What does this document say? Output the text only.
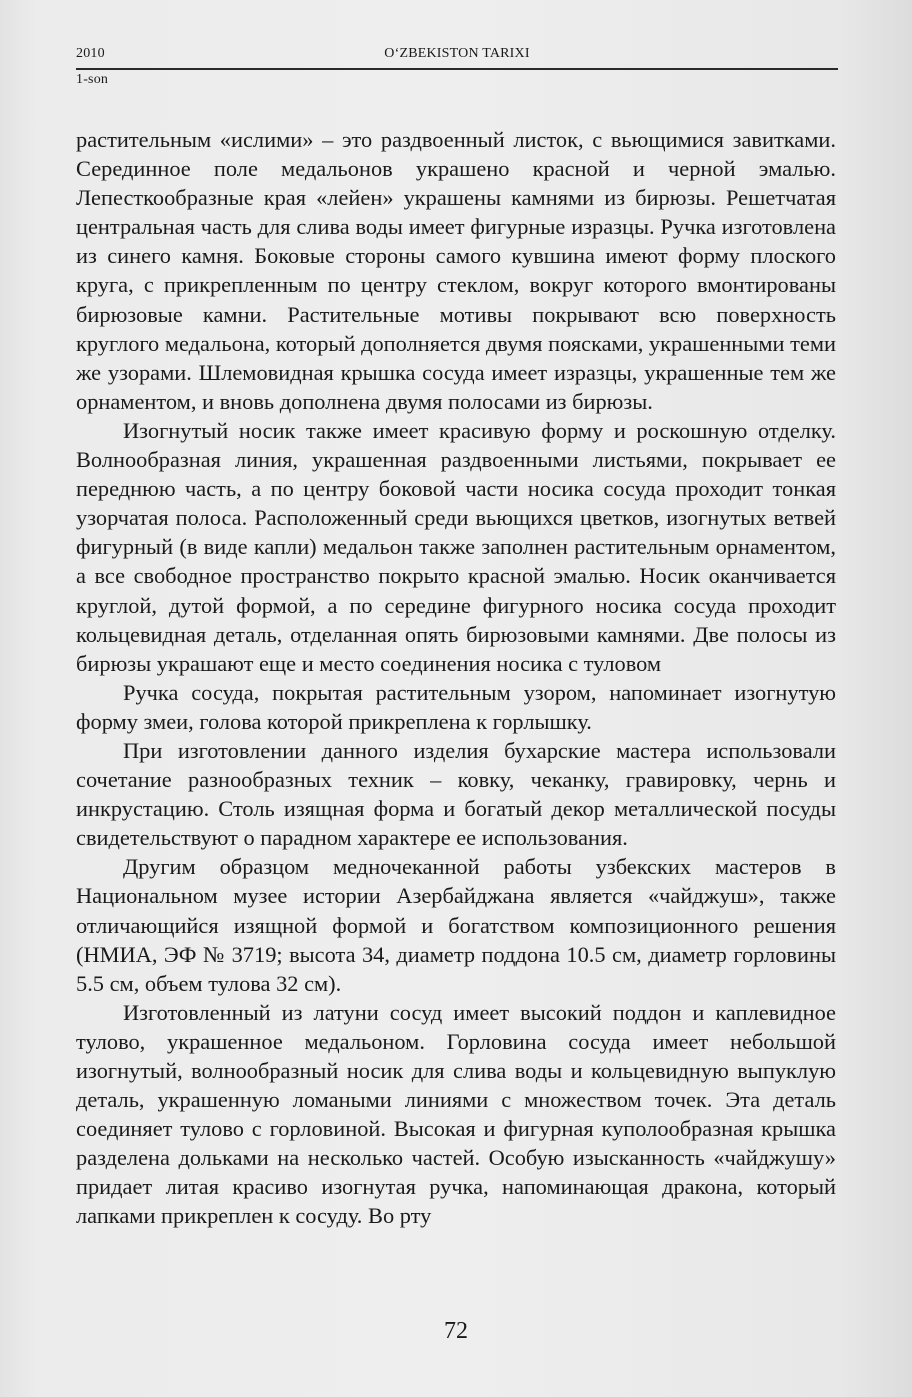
2010	O‘ZBEKISTON TARIXI
1-son

растительным «ислими» – это раздвоенный листок, с вьющимися завитками. Серединное поле медальонов украшено красной и черной эмалью. Лепесткообразные края «лейен» украшены камнями из бирюзы. Решетчатая центральная часть для слива воды имеет фигурные изразцы. Ручка изготовлена из синего камня. Боковые стороны самого кувшина имеют форму плоского круга, с прикрепленным по центру стеклом, вокруг которого вмонтированы бирюзовые камни. Растительные мотивы покрывают всю поверхность круглого медальона, который дополняется двумя поясками, украшенными теми же узорами. Шлемовидная крышка сосуда имеет изразцы, украшенные тем же орнаментом, и вновь дополнена двумя полосами из бирюзы.

Изогнутый носик также имеет красивую форму и роскошную отделку. Волнообразная линия, украшенная раздвоенными листьями, покрывает ее переднюю часть, а по центру боковой части носика сосуда проходит тонкая узорчатая полоса. Расположенный среди вьющихся цветков, изогнутых ветвей фигурный (в виде капли) медальон также заполнен растительным орнаментом, а все свободное пространство покрыто красной эмалью. Носик оканчивается круглой, дутой формой, а по середине фигурного носика сосуда проходит кольцевидная деталь, отделанная опять бирюзовыми камнями. Две полосы из бирюзы украшают еще и место соединения носика с туловом

Ручка сосуда, покрытая растительным узором, напоминает изогнутую форму змеи, голова которой прикреплена к горлышку.

При изготовлении данного изделия бухарские мастера использовали сочетание разнообразных техник – ковку, чеканку, гравировку, чернь и инкрустацию. Столь изящная форма и богатый декор металлической посуды свидетельствуют о парадном характере ее использования.

Другим образцом медночеканной работы узбекских мастеров в Национальном музее истории Азербайджана является «чайджуш», также отличающийся изящной формой и богатством композиционного решения (НМИА, ЭФ № 3719; высота 34, диаметр поддона 10.5 см, диаметр горловины 5.5 см, объем тулова 32 см).

Изготовленный из латуни сосуд имеет высокий поддон и каплевидное тулово, украшенное медальоном. Горловина сосуда имеет небольшой изогнутый, волнообразный носик для слива воды и кольцевидную выпуклую деталь, украшенную ломаными линиями с множеством точек. Эта деталь соединяет тулово с горловиной. Высокая и фигурная куполообразная крышка разделена дольками на несколько частей. Особую изысканность «чайджушу» придает литая красиво изогнутая ручка, напоминающая дракона, который лапками прикреплен к сосуду. Во рту

72
